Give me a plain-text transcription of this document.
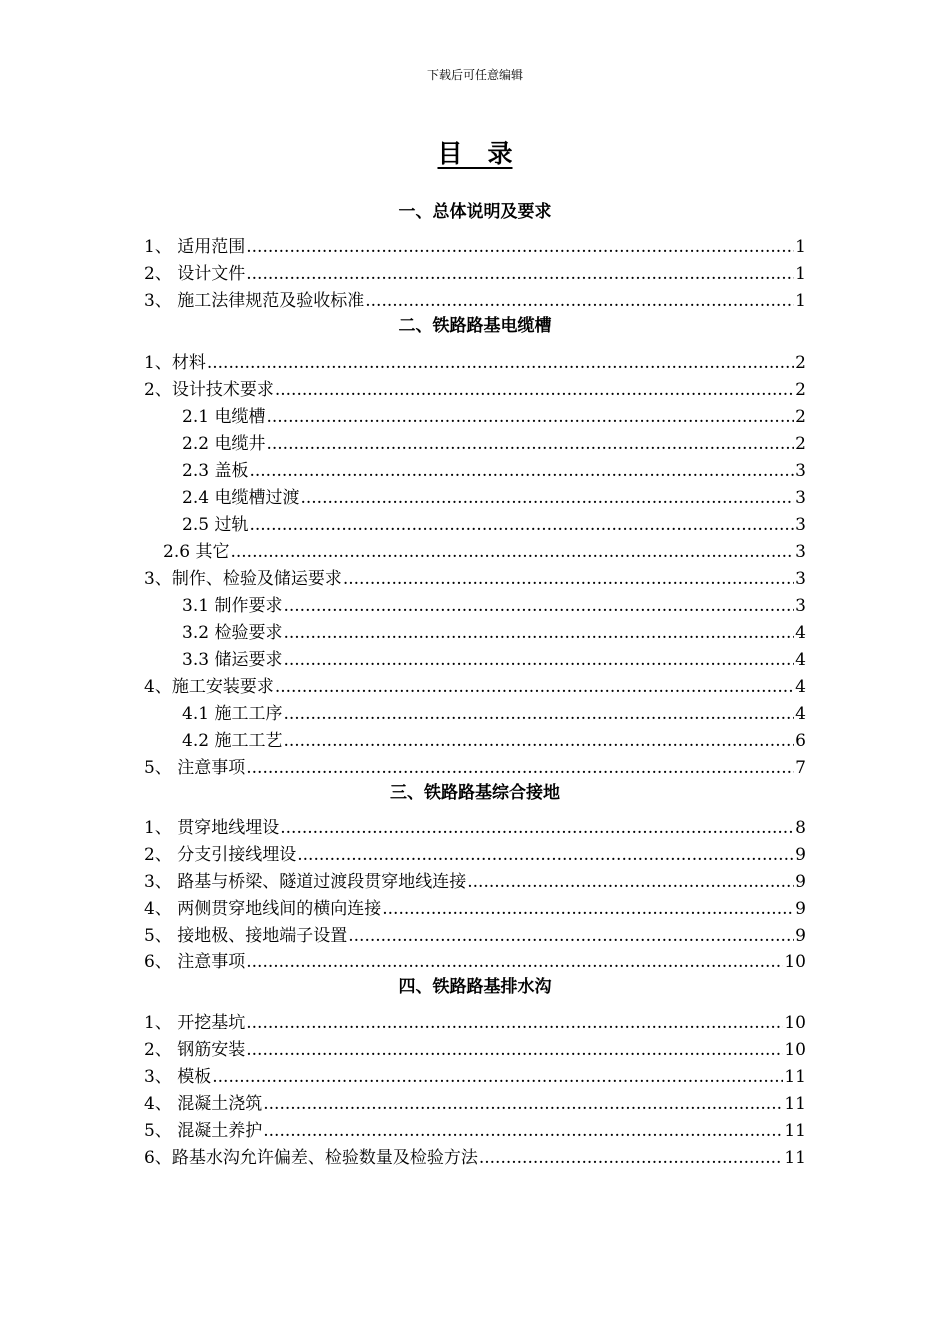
下载后可任意编辑
目　录
一、总体说明及要求
1、 适用范围 .....	1
2、 设计文件 .....	1
3、 施工法律规范及验收标准 .....	1
二、铁路路基电缆槽
1、材料 .....	2
2、设计技术要求 .....	2
2.1 电缆槽 .....	2
2.2 电缆井 .....	2
2.3 盖板 .....	3
2.4 电缆槽过渡 .....	3
2.5 过轨 .....	3
2.6 其它 .....	3
3、制作、检验及储运要求 .....	3
3.1 制作要求 .....	3
3.2 检验要求 .....	4
3.3 储运要求 .....	4
4、施工安装要求 .....	4
4.1 施工工序 .....	4
4.2 施工工艺 .....	6
5、 注意事项 .....	7
三、铁路路基综合接地
1、 贯穿地线埋设 .....	8
2、 分支引接线埋设 .....	9
3、 路基与桥梁、隧道过渡段贯穿地线连接 .....	9
4、 两侧贯穿地线间的横向连接 .....	9
5、 接地极、接地端子设置 .....	9
6、 注意事项 .....	10
四、铁路路基排水沟
1、 开挖基坑 .....	10
2、 钢筋安装 .....	10
3、 模板 .....	11
4、 混凝土浇筑 .....	11
5、 混凝土养护 .....	11
6、路基水沟允许偏差、检验数量及检验方法 .....	11
